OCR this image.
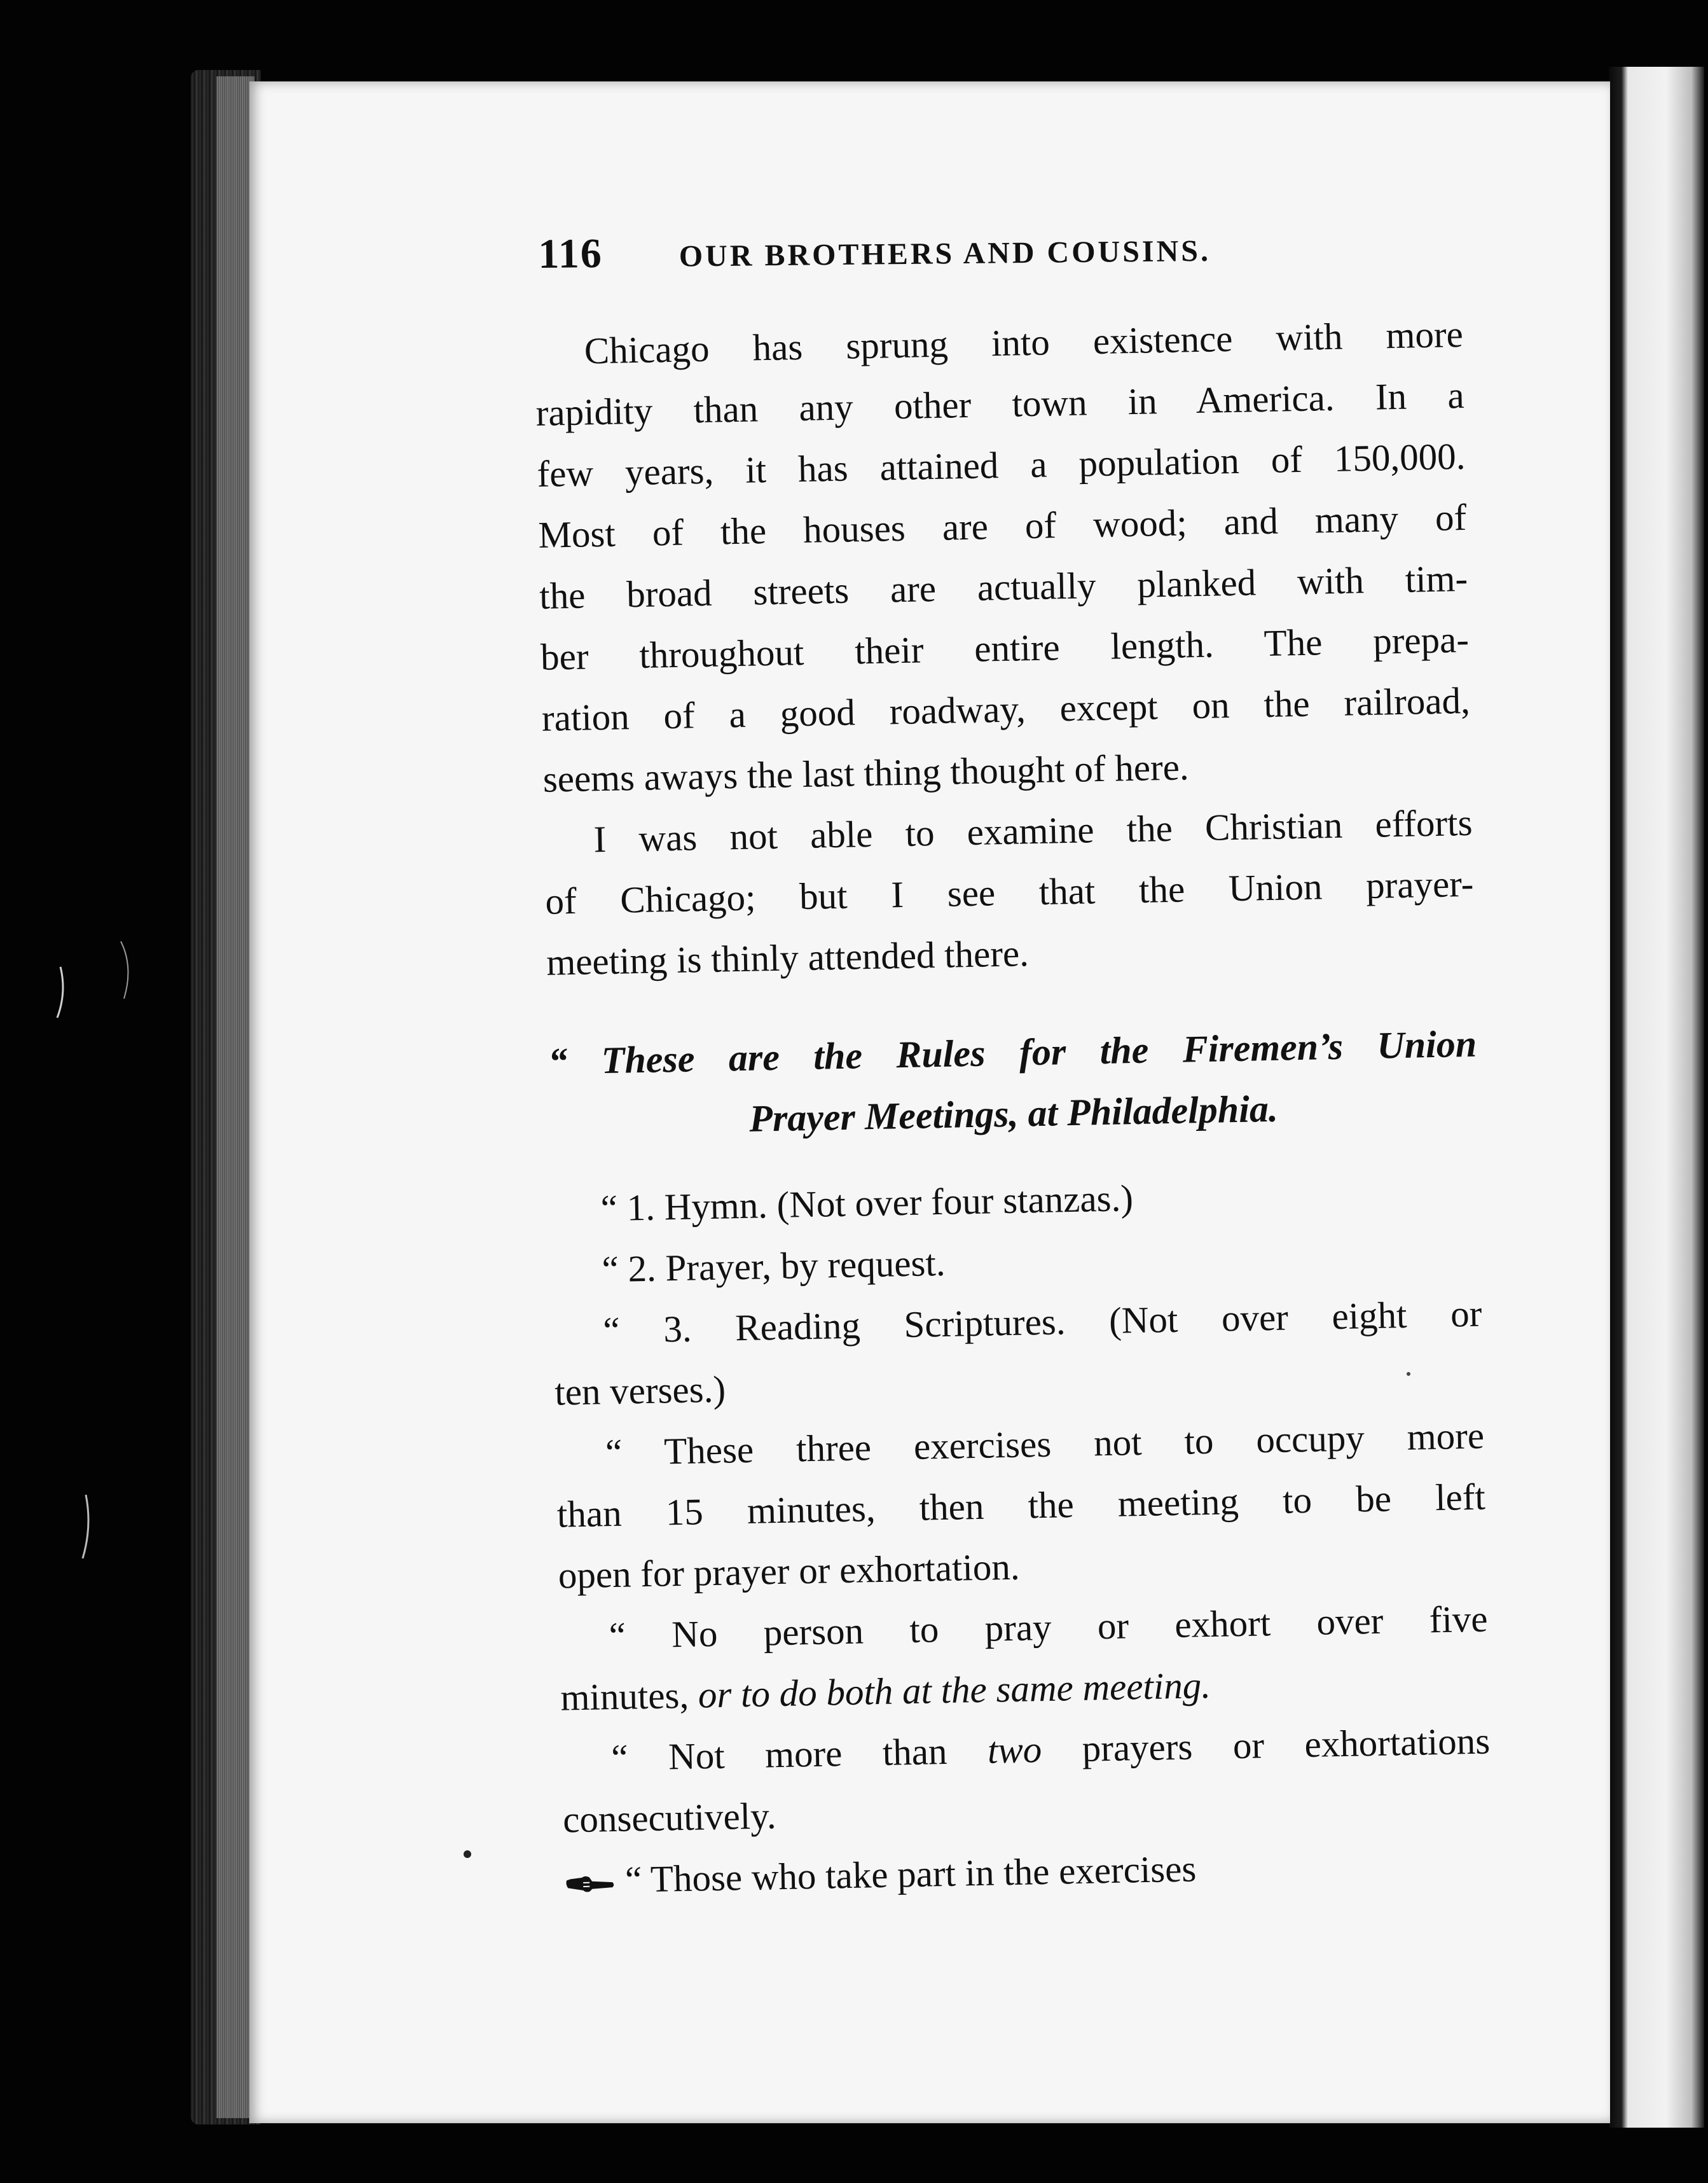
116 OUR BROTHERS AND COUSINS.
Chicago has sprung into existence with more
rapidity than any other town in America. In a
few years, it has attained a population of 150,000.
Most of the houses are of wood; and many of
the broad streets are actually planked with tim-
ber throughout their entire length. The prepa-
ration of a good roadway, except on the railroad,
seems aways the last thing thought of here.
I was not able to examine the Christian efforts
of Chicago; but I see that the Union prayer-
meeting is thinly attended there.
“ These are the Rules for the Firemen’s Union
Prayer Meetings, at Philadelphia.
“ 1. Hymn. (Not over four stanzas.)
“ 2. Prayer, by request.
“ 3. Reading Scriptures. (Not over eight or
ten verses.)
“ These three exercises not to occupy more
than 15 minutes, then the meeting to be left
open for prayer or exhortation.
“ No person to pray or exhort over five
minutes, or to do both at the same meeting.
“ Not more than two prayers or exhortations
consecutively.
“ Those who take part in the exercises
